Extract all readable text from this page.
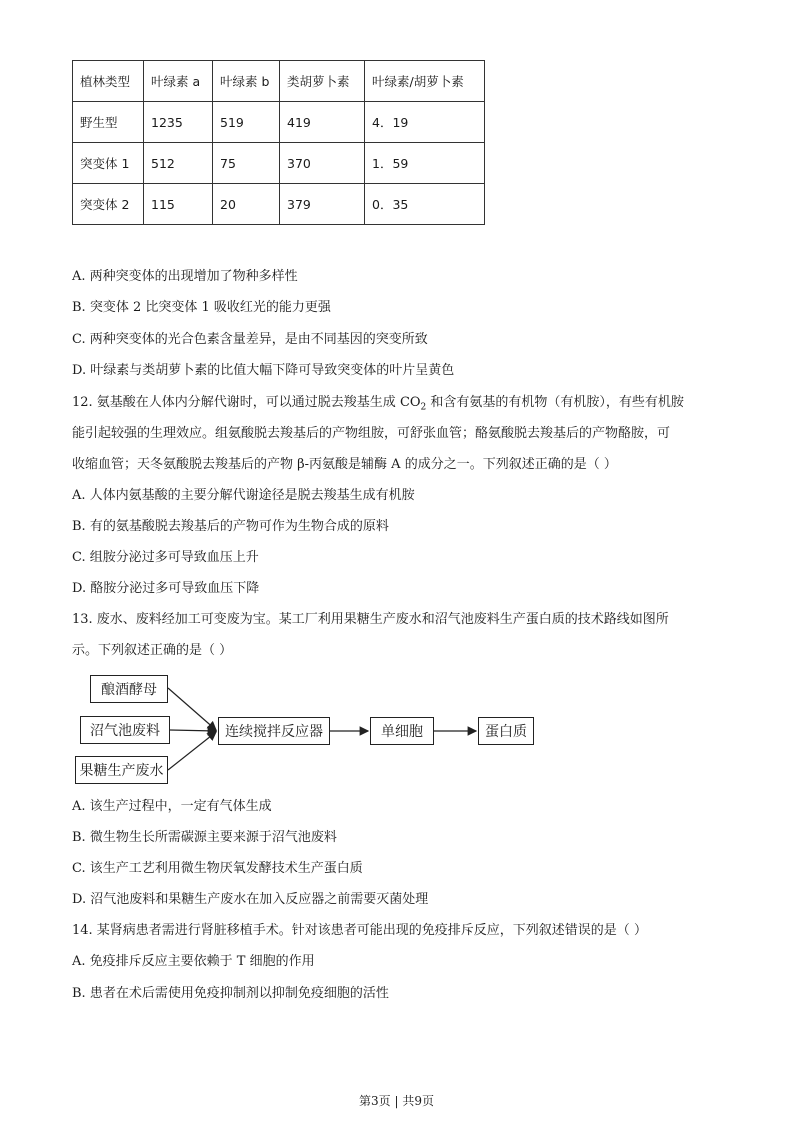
植林类型	叶绿素 a	叶绿素 b	类胡萝卜素	叶绿素/胡萝卜素
野生型	1235	519	419	4．19
突变体 1	512	75	370	1．59
突变体 2	115	20	379	0．35
A. 两种突变体的出现增加了物种多样性
B. 突变体 2 比突变体 1 吸收红光的能力更强
C. 两种突变体的光合色素含量差异，是由不同基因的突变所致
D. 叶绿素与类胡萝卜素的比值大幅下降可导致突变体的叶片呈黄色
12. 氨基酸在人体内分解代谢时，可以通过脱去羧基生成 $CO_2$ 和含有氨基的有机物（有机胺），有些有机胺
能引起较强的生理效应。组氨酸脱去羧基后的产物组胺，可舒张血管；酪氨酸脱去羧基后的产物酪胺，可
收缩血管；天冬氨酸脱去羧基后的产物 β-丙氨酸是辅酶 A 的成分之一。下列叙述正确的是（ ）
A. 人体内氨基酸的主要分解代谢途径是脱去羧基生成有机胺
B. 有的氨基酸脱去羧基后的产物可作为生物合成的原料
C. 组胺分泌过多可导致血压上升
D. 酪胺分泌过多可导致血压下降
13. 废水、废料经加工可变废为宝。某工厂利用果糖生产废水和沼气池废料生产蛋白质的技术路线如图所
示。下列叙述正确的是（ ）
酿酒酵母
沼气池废料
果糖生产废水
连续搅拌反应器	单细胞	蛋白质
A. 该生产过程中，一定有气体生成
B. 微生物生长所需碳源主要来源于沼气池废料
C. 该生产工艺利用微生物厌氧发酵技术生产蛋白质
D. 沼气池废料和果糖生产废水在加入反应器之前需要灭菌处理
14. 某肾病患者需进行肾脏移植手术。针对该患者可能出现的免疫排斥反应，下列叙述错误的是（ ）
A. 免疫排斥反应主要依赖于 T 细胞的作用
B. 患者在术后需使用免疫抑制剂以抑制免疫细胞的活性
第3页 | 共9页
